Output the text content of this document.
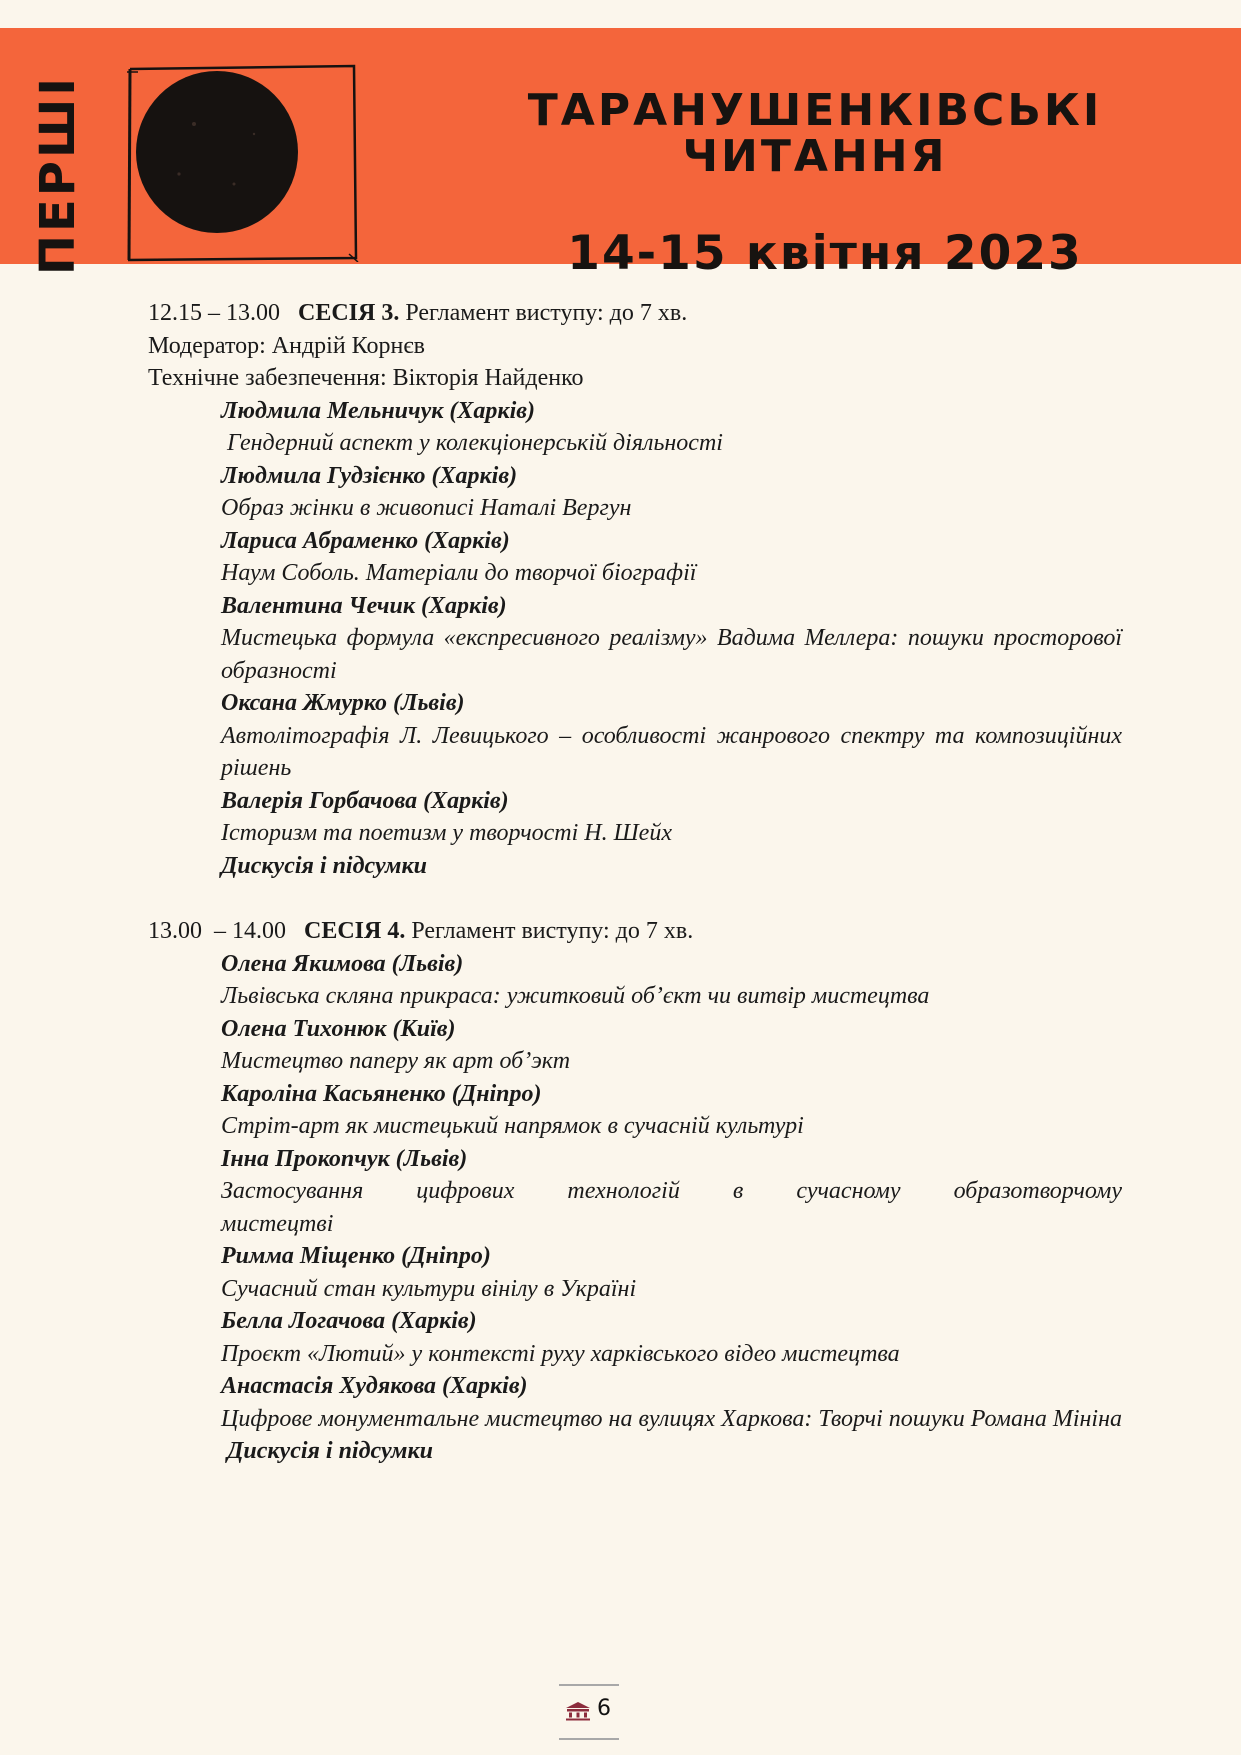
ПЕРШІ	ТАРАНУШЕНКІВСЬКІ
ЧИТАННЯ
14-15 квітня 2023
12.15 – 13.00 СЕСІЯ 3. Регламент виступу: до 7 хв.
Модератор: Андрій Корнєв
Технічне забезпечення: Вікторія Найденко
Людмила Мельничук (Харків)
Гендерний аспект у колекціонерській діяльності
Людмила Гудзієнко (Харків)
Образ жінки в живописі Наталі Вергун
Лариса Абраменко (Харків)
Наум Соболь. Матеріали до творчої біографії
Валентина Чечик (Харків)
Мистецька формула «експресивного реалізму» Вадима Меллера: пошуки просторової образності
Оксана Жмурко (Львів)
Автолітографія Л. Левицького – особливості жанрового спектру та композиційних рішень
Валерія Горбачова (Харків)
Історизм та поетизм у творчості Н. Шейх
Дискусія і підсумки
13.00  – 14.00 СЕСІЯ 4. Регламент виступу: до 7 хв.
Олена Якимова (Львів)
Львівська скляна прикраса: ужитковий об’єкт чи витвір мистецтва
Олена Тихонюк (Київ)
Мистецтво паперу як арт об’экт
Кароліна Касьяненко (Дніпро)
Стріт-арт як мистецький напрямок в сучасній культурі
Інна Прокопчук (Львів)
Застосування цифрових технологій в сучасному образотворчому мистецтві
Римма Міщенко (Дніпро)
Сучасний стан культури вінілу в Україні
Белла Логачова (Харків)
Проєкт «Лютий» у контексті руху харківського відео мистецтва
Анастасія Худякова (Харків)
Цифрове монументальне мистецтво на вулицях Харкова: Творчі пошуки Романа Мініна
Дискусія і підсумки
6
